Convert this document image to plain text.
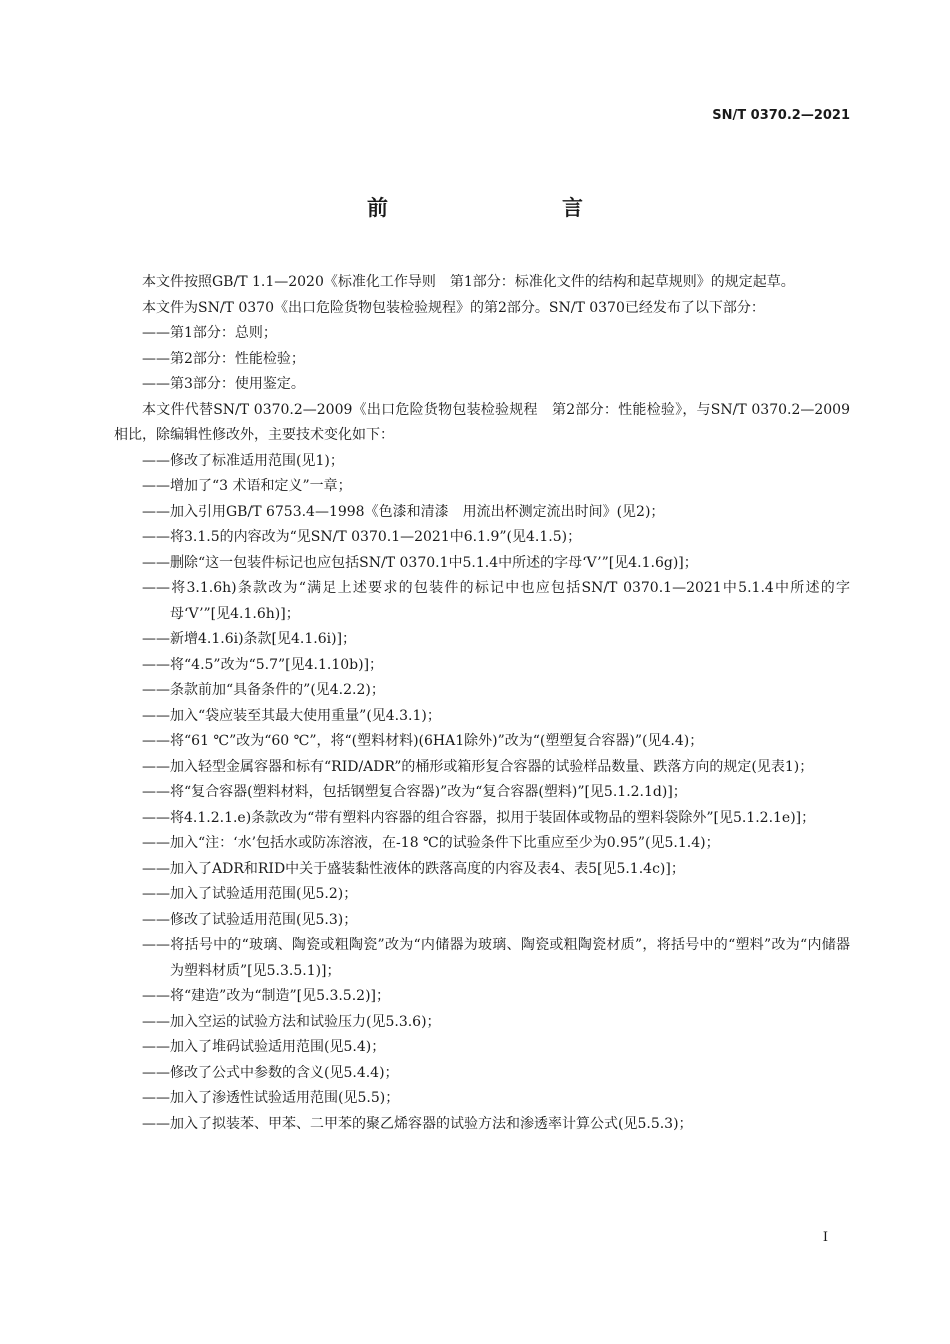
SN/T 0370.2—2021
前　　言
本文件按照GB/T 1.1—2020《标准化工作导则　第1部分：标准化文件的结构和起草规则》的规定起草。
本文件为SN/T 0370《出口危险货物包装检验规程》的第2部分。SN/T 0370已经发布了以下部分：
——第1部分：总则；
——第2部分：性能检验；
——第3部分：使用鉴定。
本文件代替SN/T 0370.2—2009《出口危险货物包装检验规程　第2部分：性能检验》，与SN/T 0370.2—2009相比，除编辑性修改外，主要技术变化如下：
——修改了标准适用范围(见1)；
——增加了“3 术语和定义”一章；
——加入引用GB/T 6753.4—1998《色漆和清漆　用流出杯测定流出时间》(见2)；
——将3.1.5的内容改为“见SN/T 0370.1—2021中6.1.9”(见4.1.5)；
——删除“这一包装件标记也应包括SN/T 0370.1中5.1.4中所述的字母‘V’”[见4.1.6g)]；
——将3.1.6h)条款改为“满足上述要求的包装件的标记中也应包括SN/T 0370.1—2021中5.1.4中所述的字母‘V’”[见4.1.6h)]；
——新增4.1.6i)条款[见4.1.6i)]；
——将“4.5”改为“5.7”[见4.1.10b)]；
——条款前加“具备条件的”(见4.2.2)；
——加入“袋应装至其最大使用重量”(见4.3.1)；
——将“61 ℃”改为“60 ℃”，将“(塑料材料)(6HA1除外)”改为“(塑塑复合容器)”(见4.4)；
——加入轻型金属容器和标有“RID/ADR”的桶形或箱形复合容器的试验样品数量、跌落方向的规定(见表1)；
——将“复合容器(塑料材料，包括钢塑复合容器)”改为“复合容器(塑料)”[见5.1.2.1d)]；
——将4.1.2.1.e)条款改为“带有塑料内容器的组合容器，拟用于装固体或物品的塑料袋除外”[见5.1.2.1e)]；
——加入“注：‘水’包括水或防冻溶液，在-18 ℃的试验条件下比重应至少为0.95”(见5.1.4)；
——加入了ADR和RID中关于盛装黏性液体的跌落高度的内容及表4、表5[见5.1.4c)]；
——加入了试验适用范围(见5.2)；
——修改了试验适用范围(见5.3)；
——将括号中的“玻璃、陶瓷或粗陶瓷”改为“内储器为玻璃、陶瓷或粗陶瓷材质”，将括号中的“塑料”改为“内储器为塑料材质”[见5.3.5.1)]；
——将“建造”改为“制造”[见5.3.5.2)]；
——加入空运的试验方法和试验压力(见5.3.6)；
——加入了堆码试验适用范围(见5.4)；
——修改了公式中参数的含义(见5.4.4)；
——加入了渗透性试验适用范围(见5.5)；
——加入了拟装苯、甲苯、二甲苯的聚乙烯容器的试验方法和渗透率计算公式(见5.5.3)；
I
